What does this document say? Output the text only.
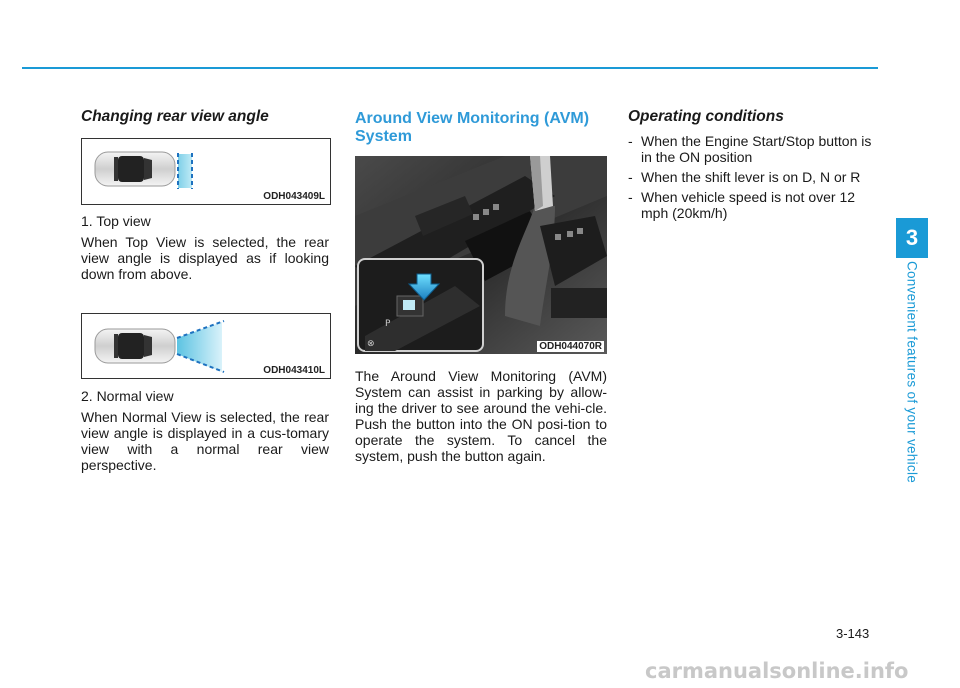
Changing rear view angle
ODH043409L

1. Top view

When Top View is selected, the rear view angle is displayed as if looking down from above.

ODH043410L

2. Normal view

When Normal View is selected, the rear view angle is displayed in a cus-tomary view with a normal rear view perspective.

Around View Monitoring (AVM)
System
P
⊗	ODH044070R

The Around View Monitoring (AVM) System can assist in parking by allow-ing the driver to see around the vehi-cle. Push the button into the ON posi-tion to operate the system. To cancel the system, push the button again.

Operating conditions
- When the Engine Start/Stop button is in the ON position
- When the shift lever is on D, N or R
- When vehicle speed is not over 12 mph (20km/h)
3
Convenient features of your vehicle
3-143
carmanualsonline.info
